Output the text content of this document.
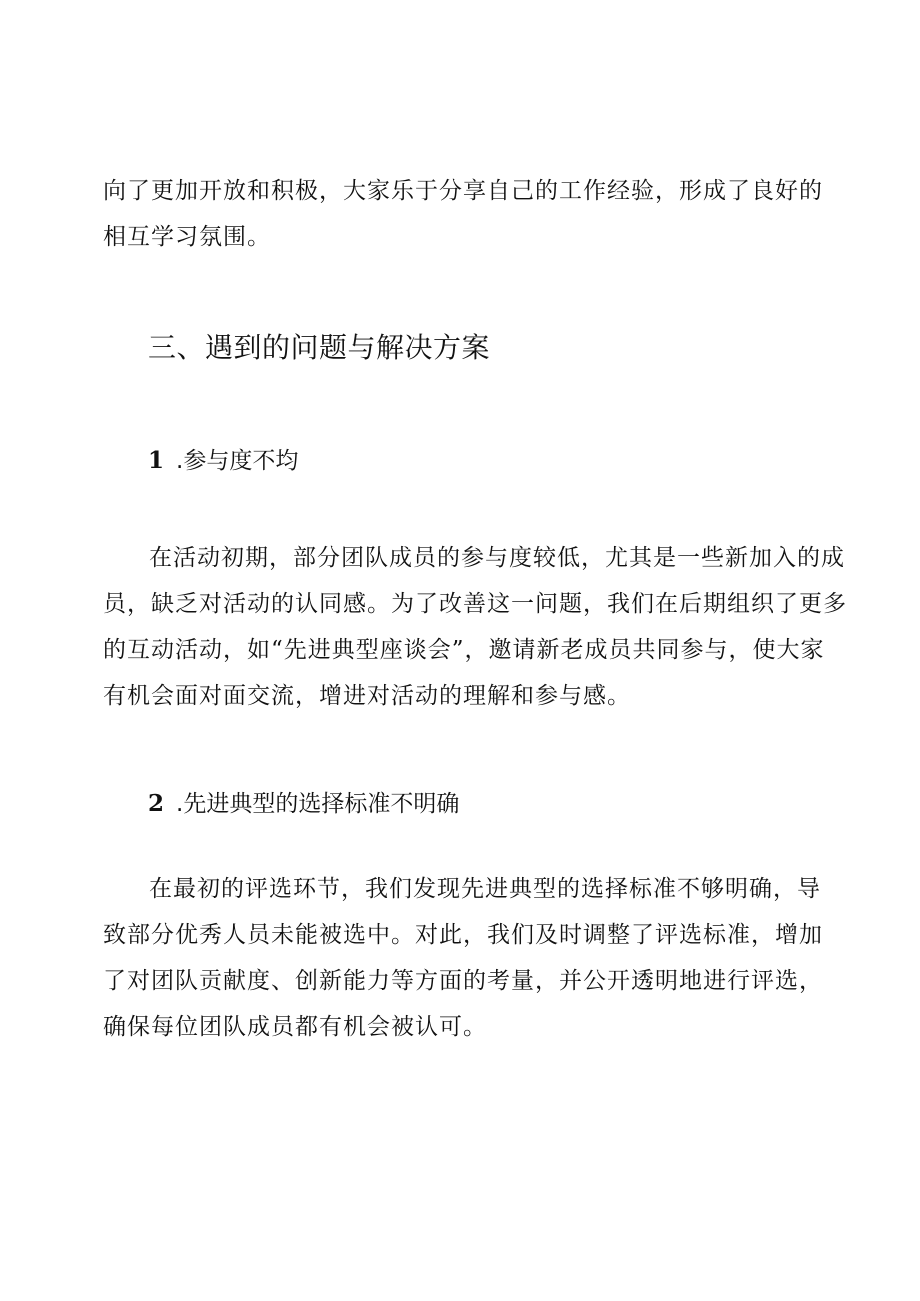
向了更加开放和积极，大家乐于分享自己的工作经验，形成了良好的
相互学习氛围。

三、遇到的问题与解决方案
1 .参与度不均

在活动初期，部分团队成员的参与度较低，尤其是一些新加入的成
员，缺乏对活动的认同感。为了改善这一问题，我们在后期组织了更多
的互动活动，如“先进典型座谈会”，邀请新老成员共同参与，使大家
有机会面对面交流，增进对活动的理解和参与感。

2 .先进典型的选择标准不明确

在最初的评选环节，我们发现先进典型的选择标准不够明确，导
致部分优秀人员未能被选中。对此，我们及时调整了评选标准，增加
了对团队贡献度、创新能力等方面的考量，并公开透明地进行评选，
确保每位团队成员都有机会被认可。
